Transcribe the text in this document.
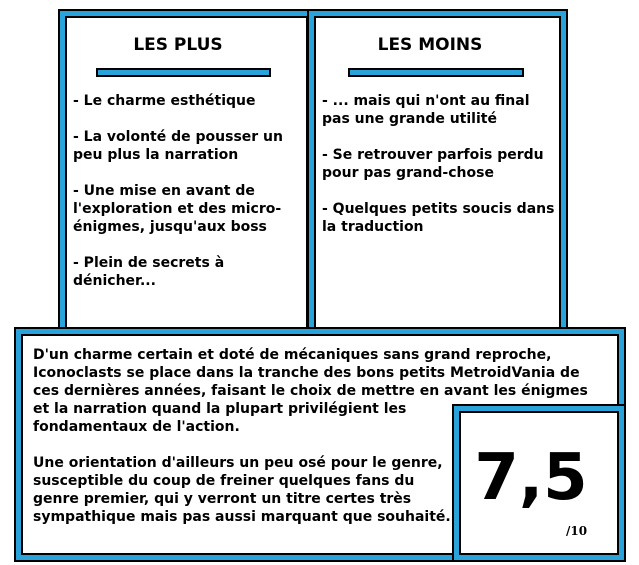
LES PLUS
- Le charme esthétique
- La volonté de pousser un peu plus la narration
- Une mise en avant de l'exploration et des micro-énigmes, jusqu'aux boss
- Plein de secrets à dénicher...
LES MOINS
- ... mais qui n'ont au final pas une grande utilité
- Se retrouver parfois perdu pour pas grand-chose
- Quelques petits soucis dans la traduction

D'un charme certain et doté de mécaniques sans grand reproche,
Iconoclasts se place dans la tranche des bons petits MetroidVania de
ces dernières années, faisant le choix de mettre en avant les énigmes
et la narration quand la plupart privilégient les
fondamentaux de l'action.

Une orientation d'ailleurs un peu osé pour le genre, susceptible du coup de freiner quelques fans du genre premier, qui y verront un titre certes très sympathique mais pas aussi marquant que souhaité.

7,5
/10
